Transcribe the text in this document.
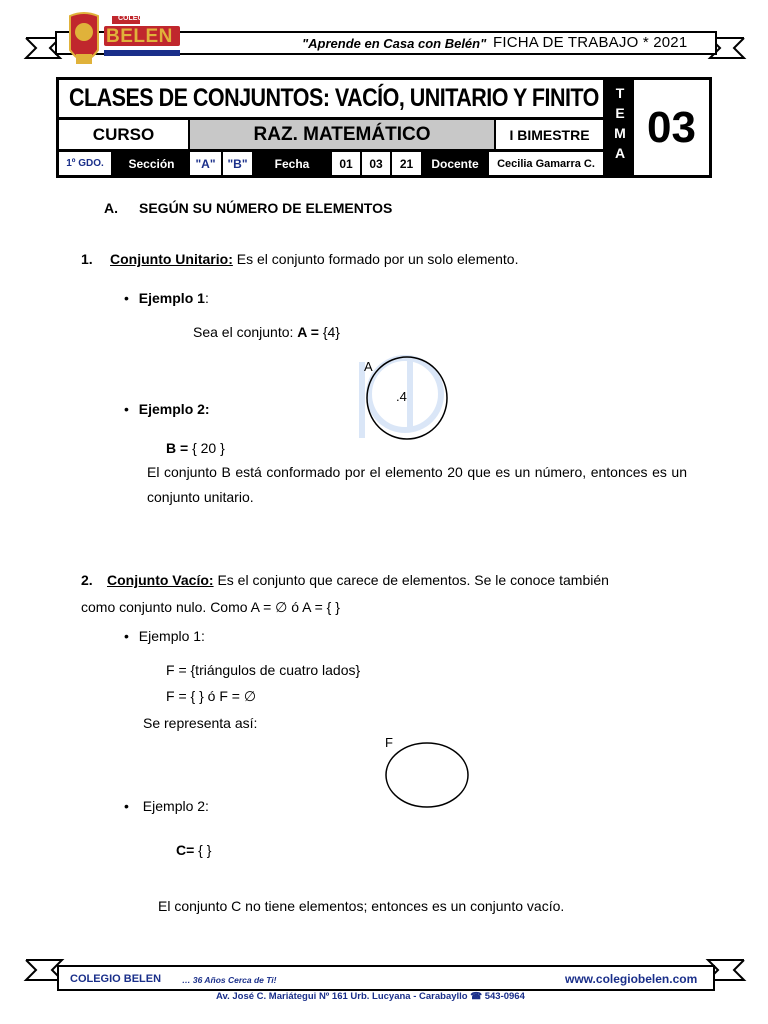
COLEGIO
BELEN	"Aprende en Casa con Belén" FICHA DE TRABAJO * 2021
CLASES DE CONJUNTOS: VACÍO, UNITARIO Y FINITO	T
E
M
A
03
CURSO	RAZ. MATEMÁTICO	I BIMESTRE
1º GDO.	Sección	"A" "B"	Fecha	01	03	21	Docente	Cecilia Gamarra C.
A. SEGÚN SU NÚMERO DE ELEMENTOS
1. Conjunto Unitario: Es el conjunto formado por un solo elemento.
• Ejemplo 1:
Sea el conjunto: A = {4}
A
.4
• Ejemplo 2:
B = { 20 }
El conjunto B está conformado por el elemento 20 que es un número, entonces es un conjunto unitario.
2. Conjunto Vacío: Es el conjunto que carece de elementos. Se le conoce también
como conjunto nulo. Como A = ∅ ó A = { }
• Ejemplo 1:
F = {triángulos de cuatro lados}
F = { } ó F = ∅
Se representa así:
F
• Ejemplo 2:
C= { }
El conjunto C no tiene elementos; entonces es un conjunto vacío.
COLEGIO BELEN … 36 Años Cerca de Ti!	www.colegiobelen.com
Av. José C. Mariátegui Nº 161 Urb. Lucyana - Carabayllo ☎ 543-0964
